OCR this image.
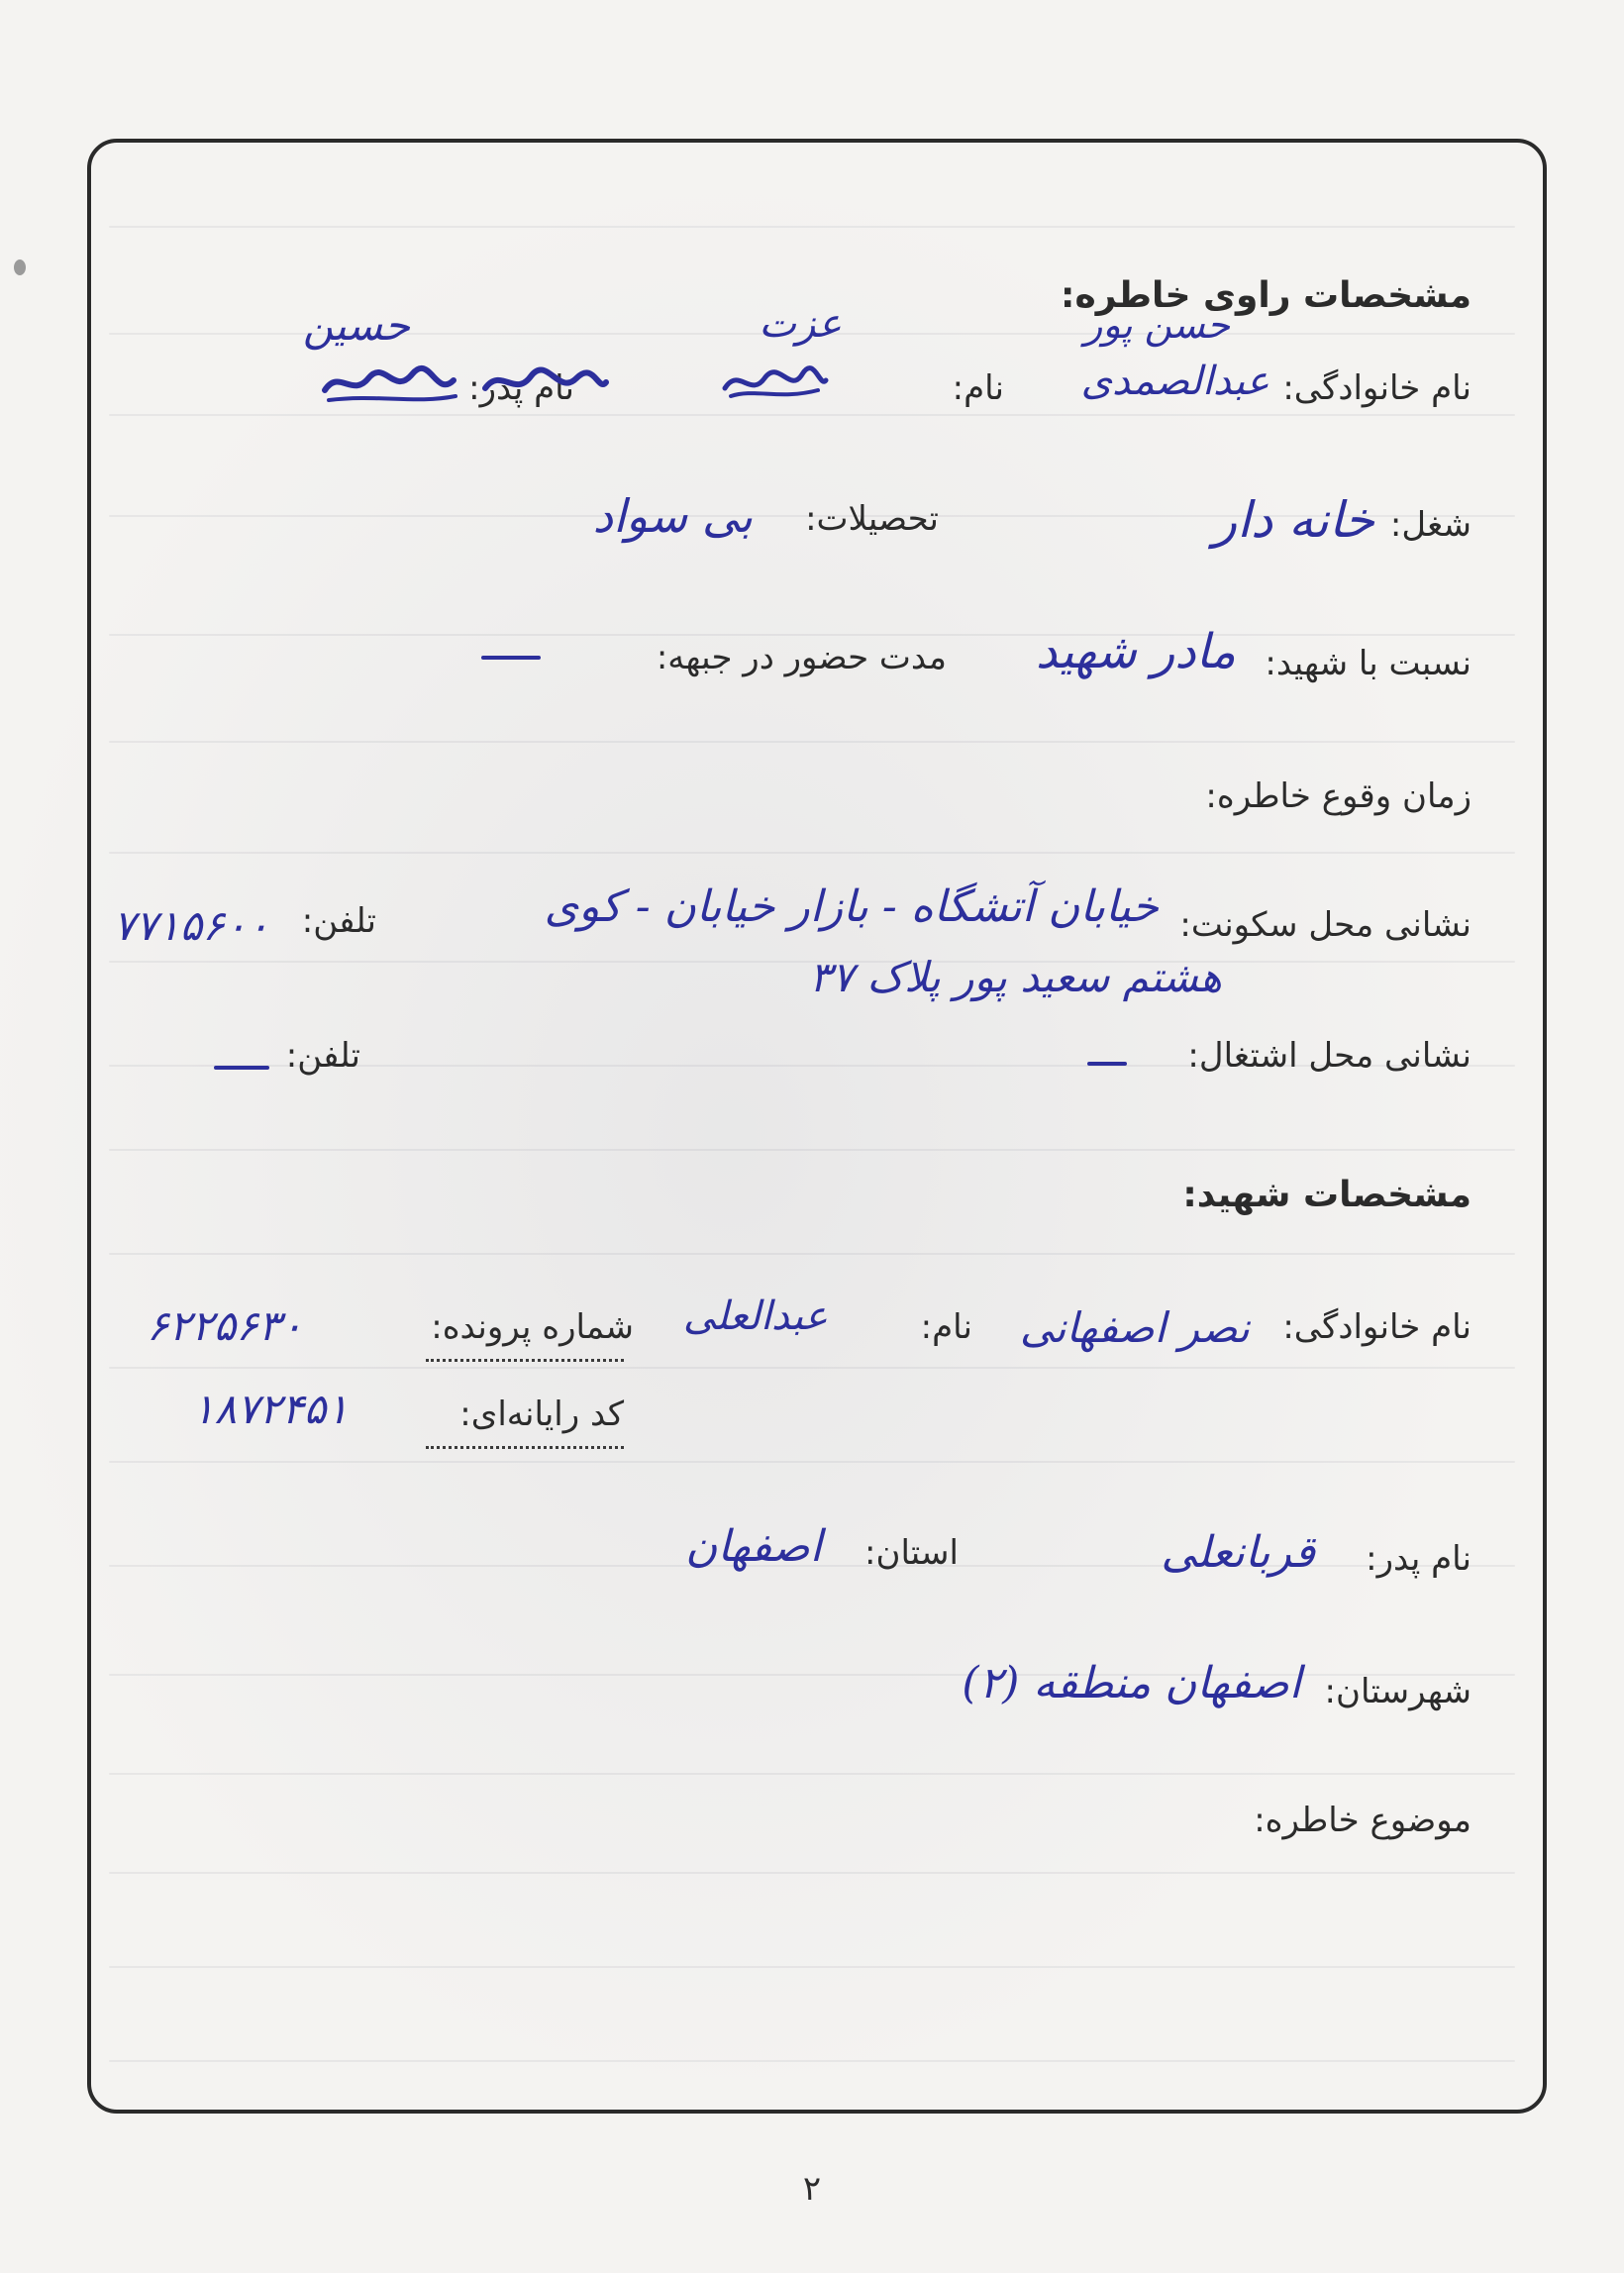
مشخصات راوی خاطره:
نام خانوادگی:
عبدالصمدی
حسن پور
نام:
عزت
نام پدر:
حسین
شغل:
خانه دار
تحصیلات:
بی سواد
نسبت با شهید:
مادر شهید
مدت حضور در جبهه:
زمان وقوع خاطره:
نشانی محل سکونت:
خیابان آتشگاه - بازار خیابان - کوی
هشتم سعید پور پلاک ۳۷
تلفن:
۷۷۱۵۶۰۰
نشانی محل اشتغال:
تلفن:
مشخصات شهید:
نام خانوادگی:
نصر اصفهانی
نام:
عبدالعلی
شماره پرونده:
۶۲۲۵۶۳۰
کد رایانه‌ای:
۱۸۷۲۴۵۱
نام پدر:
قربانعلی
استان:
اصفهان
شهرستان:
اصفهان منطقه (۲)
موضوع خاطره:
۲
